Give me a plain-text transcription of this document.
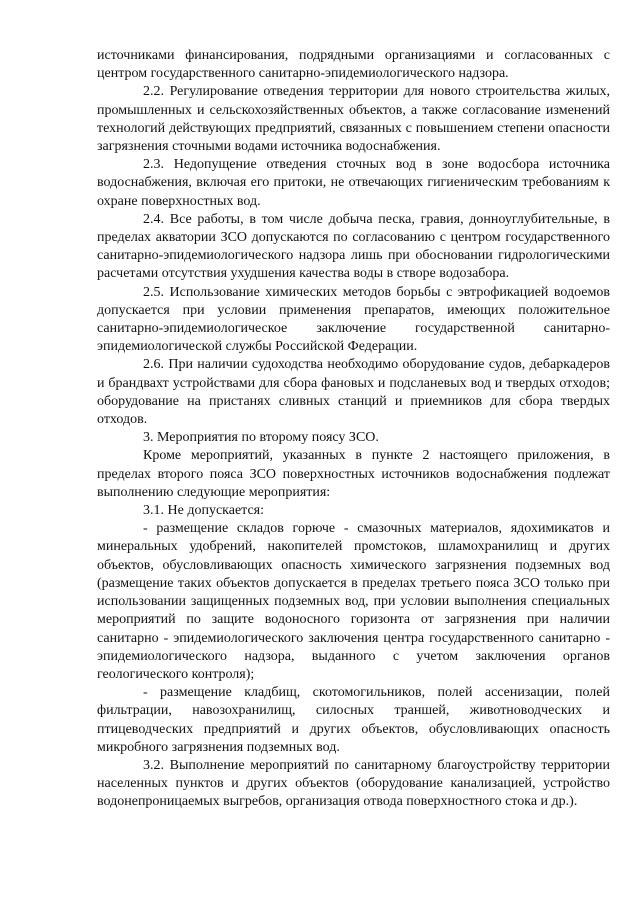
источниками финансирования, подрядными организациями и согласованных с центром государственного санитарно-эпидемиологического надзора.

2.2. Регулирование отведения территории для нового строительства жилых, промышленных и сельскохозяйственных объектов, а также согласование изменений технологий действующих предприятий, связанных с повышением степени опасности загрязнения сточными водами источника водоснабжения.

2.3. Недопущение отведения сточных вод в зоне водосбора источника водоснабжения, включая его притоки, не отвечающих гигиеническим требованиям к охране поверхностных вод.

2.4. Все работы, в том числе добыча песка, гравия, донноуглубительные, в пределах акватории ЗСО допускаются по согласованию с центром государственного санитарно-эпидемиологического надзора лишь при обосновании гидрологическими расчетами отсутствия ухудшения качества воды в створе водозабора.

2.5. Использование химических методов борьбы с эвтрофикацией водоемов допускается при условии применения препаратов, имеющих положительное санитарно-эпидемиологическое заключение государственной санитарно-эпидемиологической службы Российской Федерации.

2.6. При наличии судоходства необходимо оборудование судов, дебаркадеров и брандвахт устройствами для сбора фановых и подсланевых вод и твердых отходов; оборудование на пристанях сливных станций и приемников для сбора твердых отходов.

3. Мероприятия по второму поясу ЗСО.

Кроме мероприятий, указанных в пункте 2 настоящего приложения, в пределах второго пояса ЗСО поверхностных источников водоснабжения подлежат выполнению следующие мероприятия:

3.1. Не допускается:

- размещение складов горюче - смазочных материалов, ядохимикатов и минеральных удобрений, накопителей промстоков, шламохранилищ и других объектов, обусловливающих опасность химического загрязнения подземных вод (размещение таких объектов допускается в пределах третьего пояса ЗСО только при использовании защищенных подземных вод, при условии выполнения специальных мероприятий по защите водоносного горизонта от загрязнения при наличии санитарно - эпидемиологического заключения центра государственного санитарно - эпидемиологического надзора, выданного с учетом заключения органов геологического контроля);

- размещение кладбищ, скотомогильников, полей ассенизации, полей фильтрации, навозохранилищ, силосных траншей, животноводческих и птицеводческих предприятий и других объектов, обусловливающих опасность микробного загрязнения подземных вод.

3.2. Выполнение мероприятий по санитарному благоустройству территории населенных пунктов и других объектов (оборудование канализацией, устройство водонепроницаемых выгребов, организация отвода поверхностного стока и др.).
